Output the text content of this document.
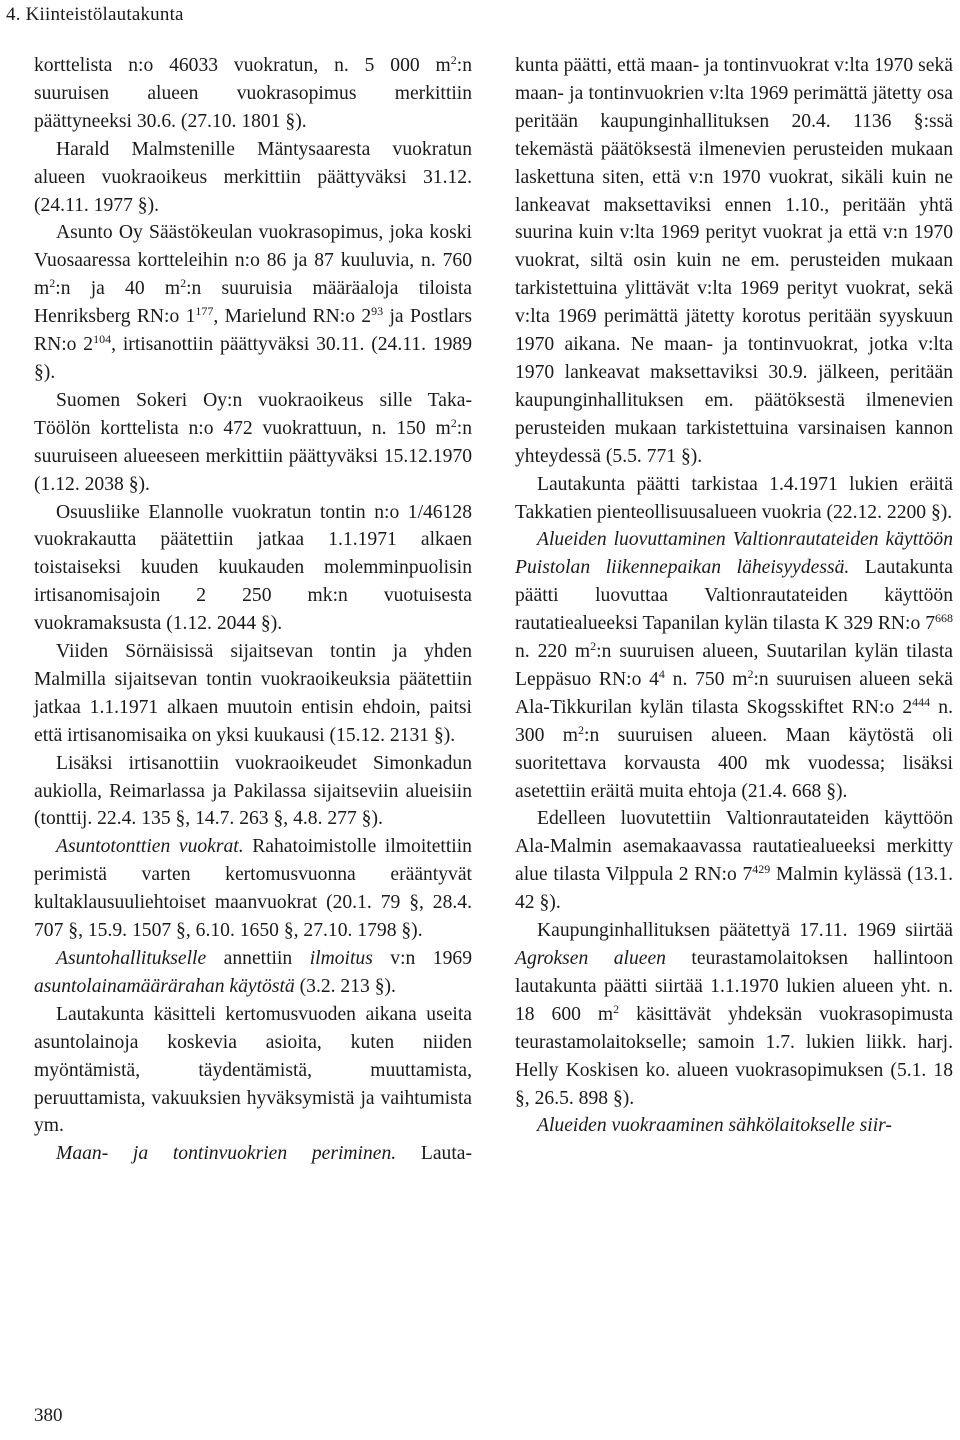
4. Kiinteistölautakunta

korttelista n:o 46033 vuokratun, n. 5 000 $m^2:n$ suuruisen alueen vuokrasopimus merkittiin päättyneeksi 30.6. (27.10. 1801 §).

Harald Malmstenille Mäntysaaresta vuokratun alueen vuokraoikeus merkittiin päättyväksi 31.12. (24.11. 1977 §).

Asunto Oy Säästökeulan vuokrasopimus, joka koski Vuosaaressa kortteleihin n:o 86 ja 87 kuuluvia, n. 760 $m^2:n$ ja 40 $m^2:n$ suuruisia määräaloja tiloista Henriksberg RN:o $1^{177}$, Marielund RN:o $2^{93}$ ja Postlars RN:o $2^{104}$, irtisanottiin päättyväksi 30.11. (24.11. 1989 §).

Suomen Sokeri Oy:n vuokraoikeus sille Taka-Töölön korttelista n:o 472 vuokrattuun, n. 150 $m^2:n$ suuruiseen alueeseen merkittiin päättyväksi 15.12.1970 (1.12. 2038 §).

Osuusliike Elannolle vuokratun tontin n:o 1/46128 vuokrakautta päätettiin jatkaa 1.1.1971 alkaen toistaiseksi kuuden kuukauden molemminpuolisin irtisanomisajoin 2 250 mk:n vuotuisesta vuokramaksusta (1.12. 2044 §).

Viiden Sörnäisissä sijaitsevan tontin ja yhden Malmilla sijaitsevan tontin vuokraoikeuksia päätettiin jatkaa 1.1.1971 alkaen muutoin entisin ehdoin, paitsi että irtisanomisaika on yksi kuukausi (15.12. 2131 §).

Lisäksi irtisanottiin vuokraoikeudet Simonkadun aukiolla, Reimarlassa ja Pakilassa sijaitseviin alueisiin (tonttij. 22.4. 135 §, 14.7. 263 §, 4.8. 277 §).

Asuntotonttien vuokrat. Rahatoimistolle ilmoitettiin perimistä varten kertomusvuonna erääntyvät kultaklausuuliehtoiset maanvuokrat (20.1. 79 §, 28.4. 707 §, 15.9. 1507 §, 6.10. 1650 §, 27.10. 1798 §).

Asuntohallitukselle annettiin ilmoitus v:n 1969 asuntolainamäärärahan käytöstä (3.2. 213 §).

Lautakunta käsitteli kertomusvuoden aikana useita asuntolainoja koskevia asioita, kuten niiden myöntämistä, täydentämistä, muuttamista, peruuttamista, vakuuksien hyväksymistä ja vaihtumista ym.

Maan- ja tontinvuokrien periminen. Lauta-

kunta päätti, että maan- ja tontinvuokrat v:lta 1970 sekä maan- ja tontinvuokrien v:lta 1969 perimättä jätetty osa peritään kaupunginhallituksen 20.4. 1136 §:ssä tekemästä päätöksestä ilmenevien perusteiden mukaan laskettuna siten, että v:n 1970 vuokrat, sikäli kuin ne lankeavat maksettaviksi ennen 1.10., peritään yhtä suurina kuin v:lta 1969 perityt vuokrat ja että v:n 1970 vuokrat, siltä osin kuin ne em. perusteiden mukaan tarkistettuina ylittävät v:lta 1969 perityt vuokrat, sekä v:lta 1969 perimättä jätetty korotus peritään syyskuun 1970 aikana. Ne maan- ja tontinvuokrat, jotka v:lta 1970 lankeavat maksettaviksi 30.9. jälkeen, peritään kaupunginhallituksen em. päätöksestä ilmenevien perusteiden mukaan tarkistettuina varsinaisen kannon yhteydessä (5.5. 771 §).

Lautakunta päätti tarkistaa 1.4.1971 lukien eräitä Takkatien pienteollisuusalueen vuokria (22.12. 2200 §).

Alueiden luovuttaminen Valtionrautateiden käyttöön Puistolan liikennepaikan läheisyydessä. Lautakunta päätti luovuttaa Valtionrautateiden käyttöön rautatiealueeksi Tapanilan kylän tilasta K 329 RN:o $7^{668}$ n. 220 $m^2:n$ suuruisen alueen, Suutarilan kylän tilasta Leppäsuo RN:o $4^4$ n. 750 $m^2:n$ suuruisen alueen sekä Ala-Tikkurilan kylän tilasta Skogsskiftet RN:o $2^{444}$ n. 300 $m^2:n$ suuruisen alueen. Maan käytöstä oli suoritettava korvausta 400 mk vuodessa; lisäksi asetettiin eräitä muita ehtoja (21.4. 668 §).

Edelleen luovutettiin Valtionrautateiden käyttöön Ala-Malmin asemakaavassa rautatiealueeksi merkitty alue tilasta Vilppula 2 RN:o $7^{429}$ Malmin kylässä (13.1. 42 §).

Kaupunginhallituksen päätettyä 17.11. 1969 siirtää Agroksen alueen teurastamolaitoksen hallintoon lautakunta päätti siirtää 1.1.1970 lukien alueen yht. n. 18 600 $m^2$ käsittävät yhdeksän vuokrasopimusta teurastamolaitokselle; samoin 1.7. lukien liikk. harj. Helly Koskisen ko. alueen vuokrasopimuksen (5.1. 18 §, 26.5. 898 §).

Alueiden vuokraaminen sähkölaitokselle siir-

380
